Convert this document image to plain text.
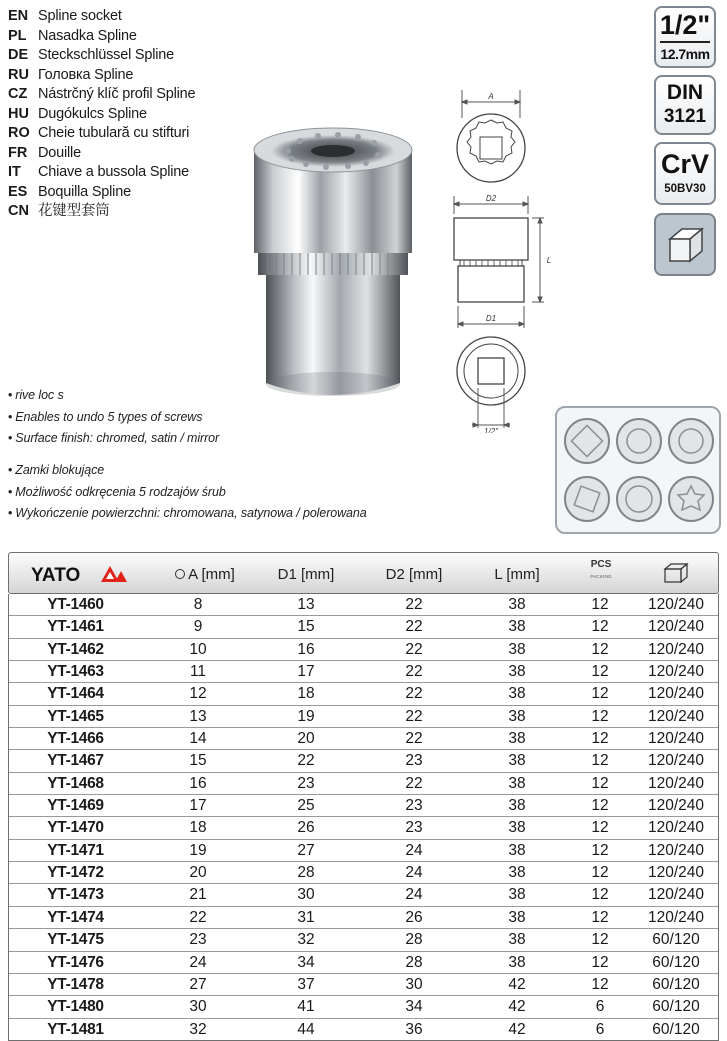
EN Spline socket
PL Nasadka Spline
DE Steckschlüssel Spline
RU Головка Spline
CZ Nástrčný klíč profil Spline
HU Dugókulcs Spline
RO Cheie tubulară cu stifturi
FR Douille
IT Chiave a bussola Spline
ES Boquilla Spline
CN 花键型套筒
A
D2
L
D1
1/2"
1/2"
12.7mm
DIN
3121
CrV
50BV30
• rive loc s
• Enables to undo 5 types of screws
• Surface finish: chromed, satin / mirror
• Zamki blokujące
• Możliwość odkręcenia 5 rodzajów śrub
• Wykończenie powierzchni: chromowana, satynowa / polerowana
YATO	A [mm]	D1 [mm]	D2 [mm]	L [mm]
PCS
PACKING
YT-1460	8	13	22	38	12	120/240
YT-1461	9	15	22	38	12	120/240
YT-1462	10	16	22	38	12	120/240
YT-1463	11	17	22	38	12	120/240
YT-1464	12	18	22	38	12	120/240
YT-1465	13	19	22	38	12	120/240
YT-1466	14	20	22	38	12	120/240
YT-1467	15	22	23	38	12	120/240
YT-1468	16	23	22	38	12	120/240
YT-1469	17	25	23	38	12	120/240
YT-1470	18	26	23	38	12	120/240
YT-1471	19	27	24	38	12	120/240
YT-1472	20	28	24	38	12	120/240
YT-1473	21	30	24	38	12	120/240
YT-1474	22	31	26	38	12	120/240
YT-1475	23	32	28	38	12	60/120
YT-1476	24	34	28	38	12	60/120
YT-1478	27	37	30	42	12	60/120
YT-1480	30	41	34	42	6	60/120
YT-1481	32	44	36	42	6	60/120
